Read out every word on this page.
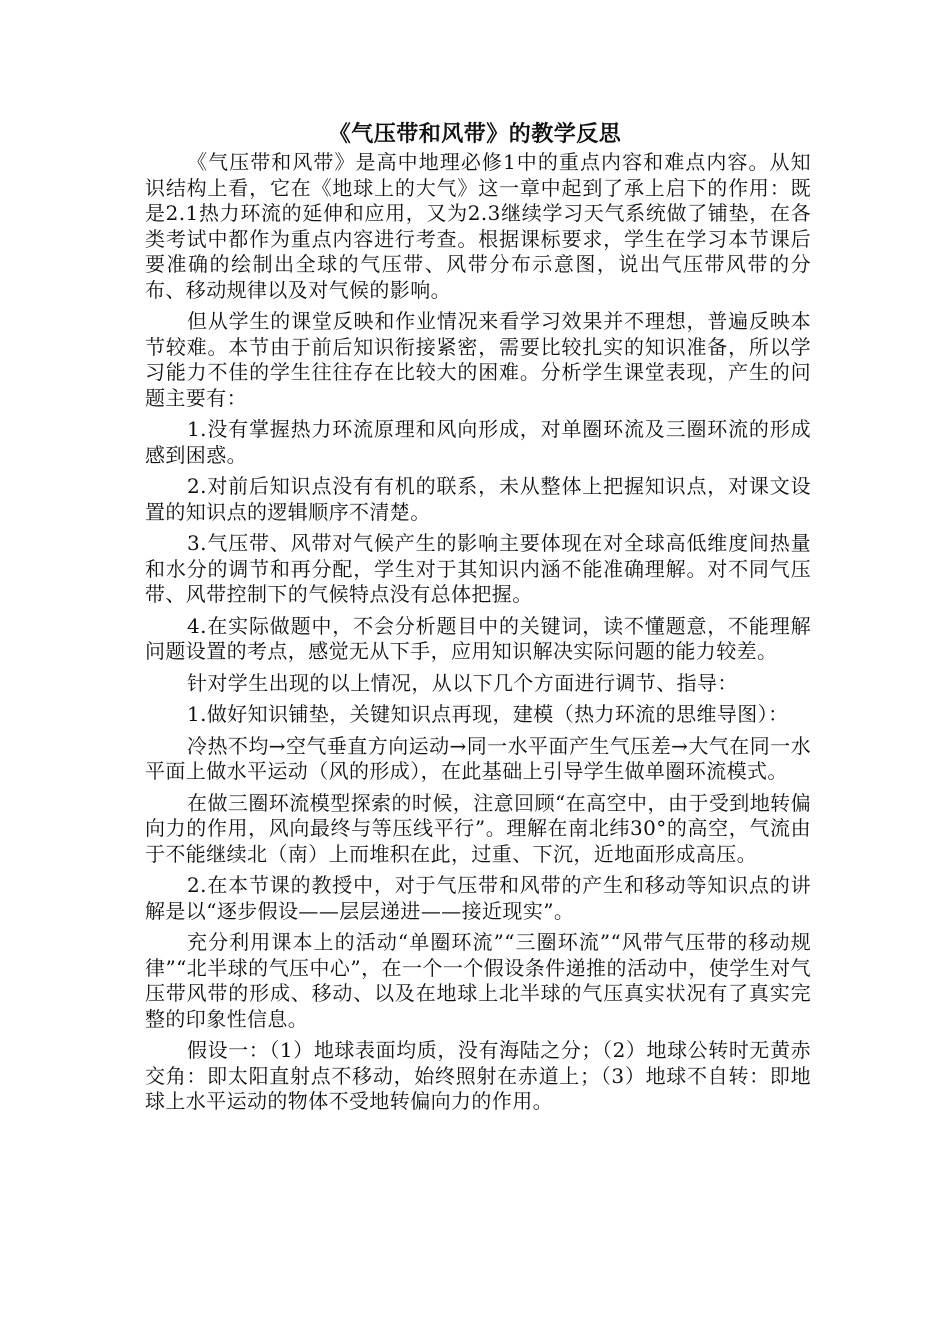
《气压带和风带》的教学反思

《气压带和风带》是高中地理必修1中的重点内容和难点内容。从知识结构上看，它在《地球上的大气》这一章中起到了承上启下的作用：既是2.1热力环流的延伸和应用，又为2.3继续学习天气系统做了铺垫，在各类考试中都作为重点内容进行考查。根据课标要求，学生在学习本节课后要准确的绘制出全球的气压带、风带分布示意图，说出气压带风带的分布、移动规律以及对气候的影响。

但从学生的课堂反映和作业情况来看学习效果并不理想，普遍反映本节较难。本节由于前后知识衔接紧密，需要比较扎实的知识准备，所以学习能力不佳的学生往往存在比较大的困难。分析学生课堂表现，产生的问题主要有：

1.没有掌握热力环流原理和风向形成，对单圈环流及三圈环流的形成感到困惑。

2.对前后知识点没有有机的联系，未从整体上把握知识点，对课文设置的知识点的逻辑顺序不清楚。

3.气压带、风带对气候产生的影响主要体现在对全球高低维度间热量和水分的调节和再分配，学生对于其知识内涵不能准确理解。对不同气压带、风带控制下的气候特点没有总体把握。

4.在实际做题中，不会分析题目中的关键词，读不懂题意，不能理解问题设置的考点，感觉无从下手，应用知识解决实际问题的能力较差。

针对学生出现的以上情况，从以下几个方面进行调节、指导：

1.做好知识铺垫，关键知识点再现，建模（热力环流的思维导图）：

冷热不均→空气垂直方向运动→同一水平面产生气压差→大气在同一水平面上做水平运动（风的形成），在此基础上引导学生做单圈环流模式。

在做三圈环流模型探索的时候，注意回顾“在高空中，由于受到地转偏向力的作用，风向最终与等压线平行”。理解在南北纬30°的高空，气流由于不能继续北（南）上而堆积在此，过重、下沉，近地面形成高压。

2.在本节课的教授中，对于气压带和风带的产生和移动等知识点的讲解是以“逐步假设——层层递进——接近现实”。

充分利用课本上的活动“单圈环流”“三圈环流”“风带气压带的移动规律”“北半球的气压中心”，在一个一个假设条件递推的活动中，使学生对气压带风带的形成、移动、以及在地球上北半球的气压真实状况有了真实完整的印象性信息。

假设一：（1）地球表面均质，没有海陆之分；（2）地球公转时无黄赤交角：即太阳直射点不移动，始终照射在赤道上；（3）地球不自转：即地球上水平运动的物体不受地转偏向力的作用。
